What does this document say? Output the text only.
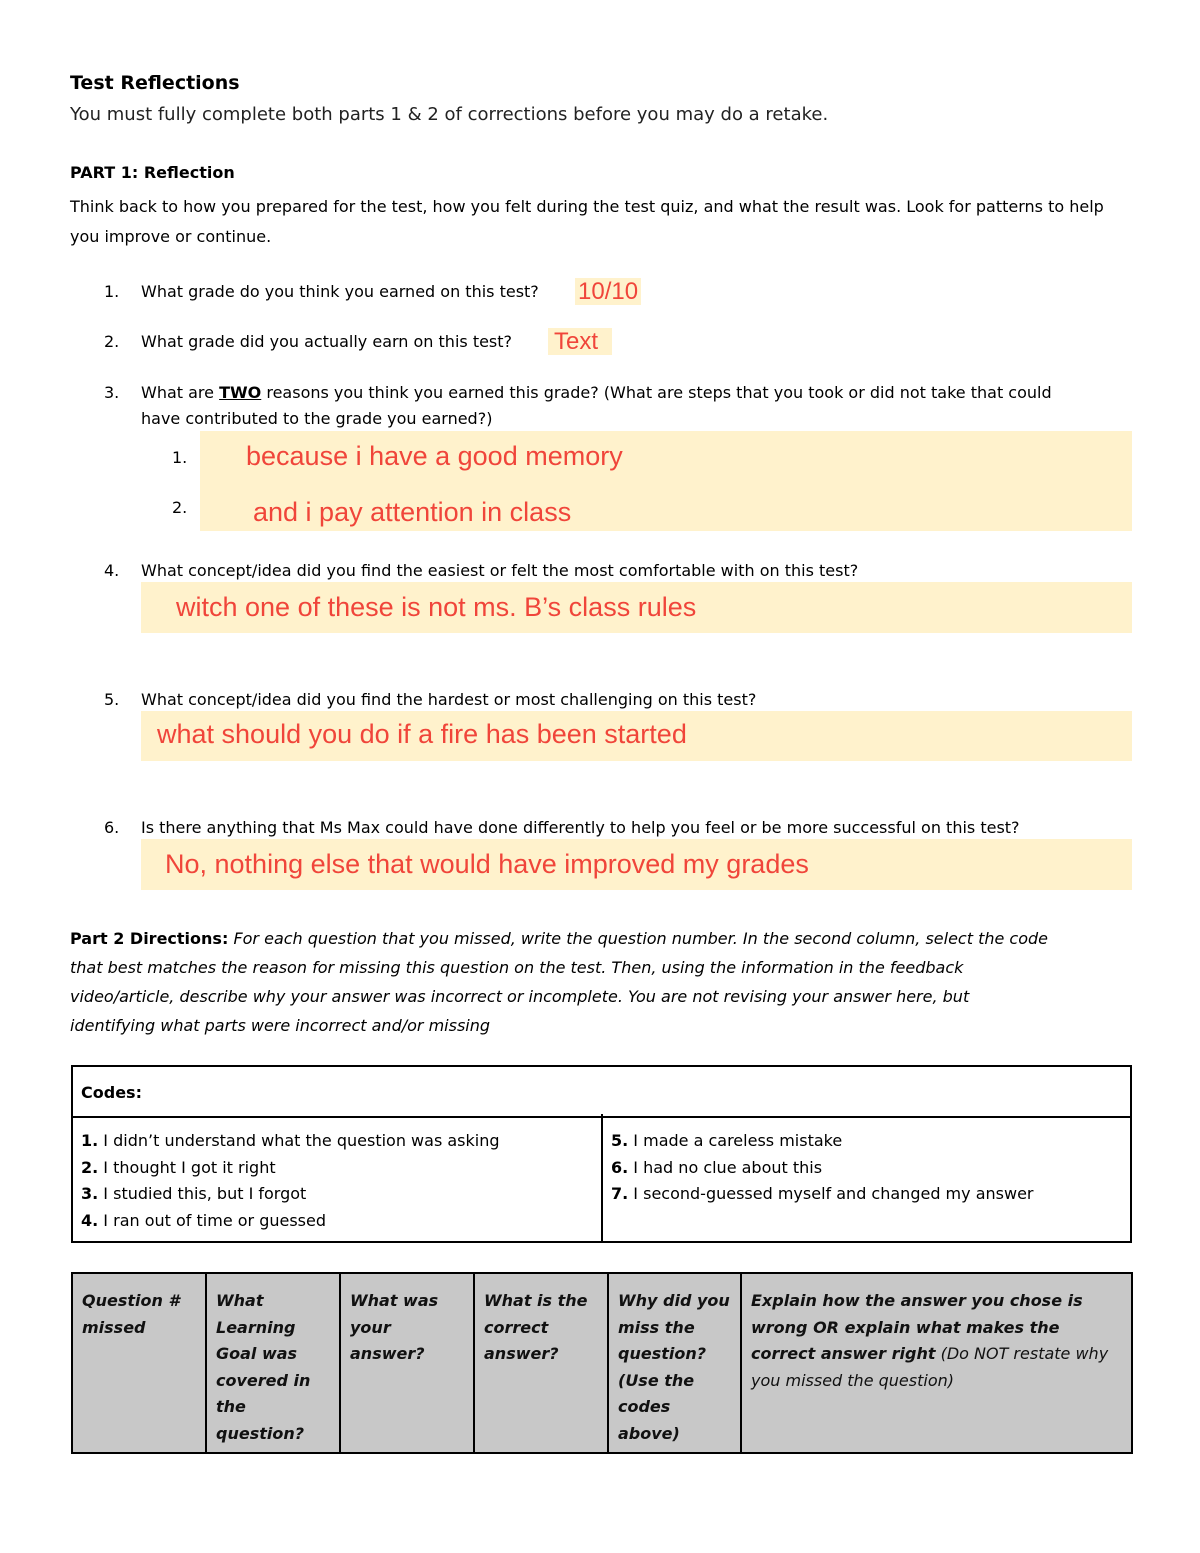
Test Reflections
You must fully complete both parts 1 & 2 of corrections before you may do a retake.
PART 1: Reflection
Think back to how you prepared for the test, how you felt during the test quiz, and what the result was. Look for patterns to help you improve or continue.
1. What grade do you think you earned on this test? 10/10
2. What grade did you actually earn on this test? Text
3. What are TWO reasons you think you earned this grade? (What are steps that you took or did not take that could
have contributed to the grade you earned?)
1. because i have a good memory
2. and i pay attention in class
4. What concept/idea did you find the easiest or felt the most comfortable with on this test?
witch one of these is not ms. B’s class rules
5. What concept/idea did you find the hardest or most challenging on this test?
what should you do if a fire has been started
6. Is there anything that Ms Max could have done differently to help you feel or be more successful on this test?
No, nothing else that would have improved my grades
Part 2 Directions: For each question that you missed, write the question number. In the second column, select the code
that best matches the reason for missing this question on the test. Then, using the information in the feedback
video/article, describe why your answer was incorrect or incomplete. You are not revising your answer here, but
identifying what parts were incorrect and/or missing
Codes:
1. I didn’t understand what the question was asking
2. I thought I got it right
3. I studied this, but I forgot
4. I ran out of time or guessed
5. I made a careless mistake
6. I had no clue about this
7. I second-guessed myself and changed my answer
Question #
missed
What
Learning
Goal was
covered in
the
question?
What was
your
answer?
What is the
correct
answer?
Why did you
miss the
question?
(Use the
codes
above)
Explain how the answer you chose is
wrong OR explain what makes the
correct answer right (Do NOT restate why
you missed the question)
